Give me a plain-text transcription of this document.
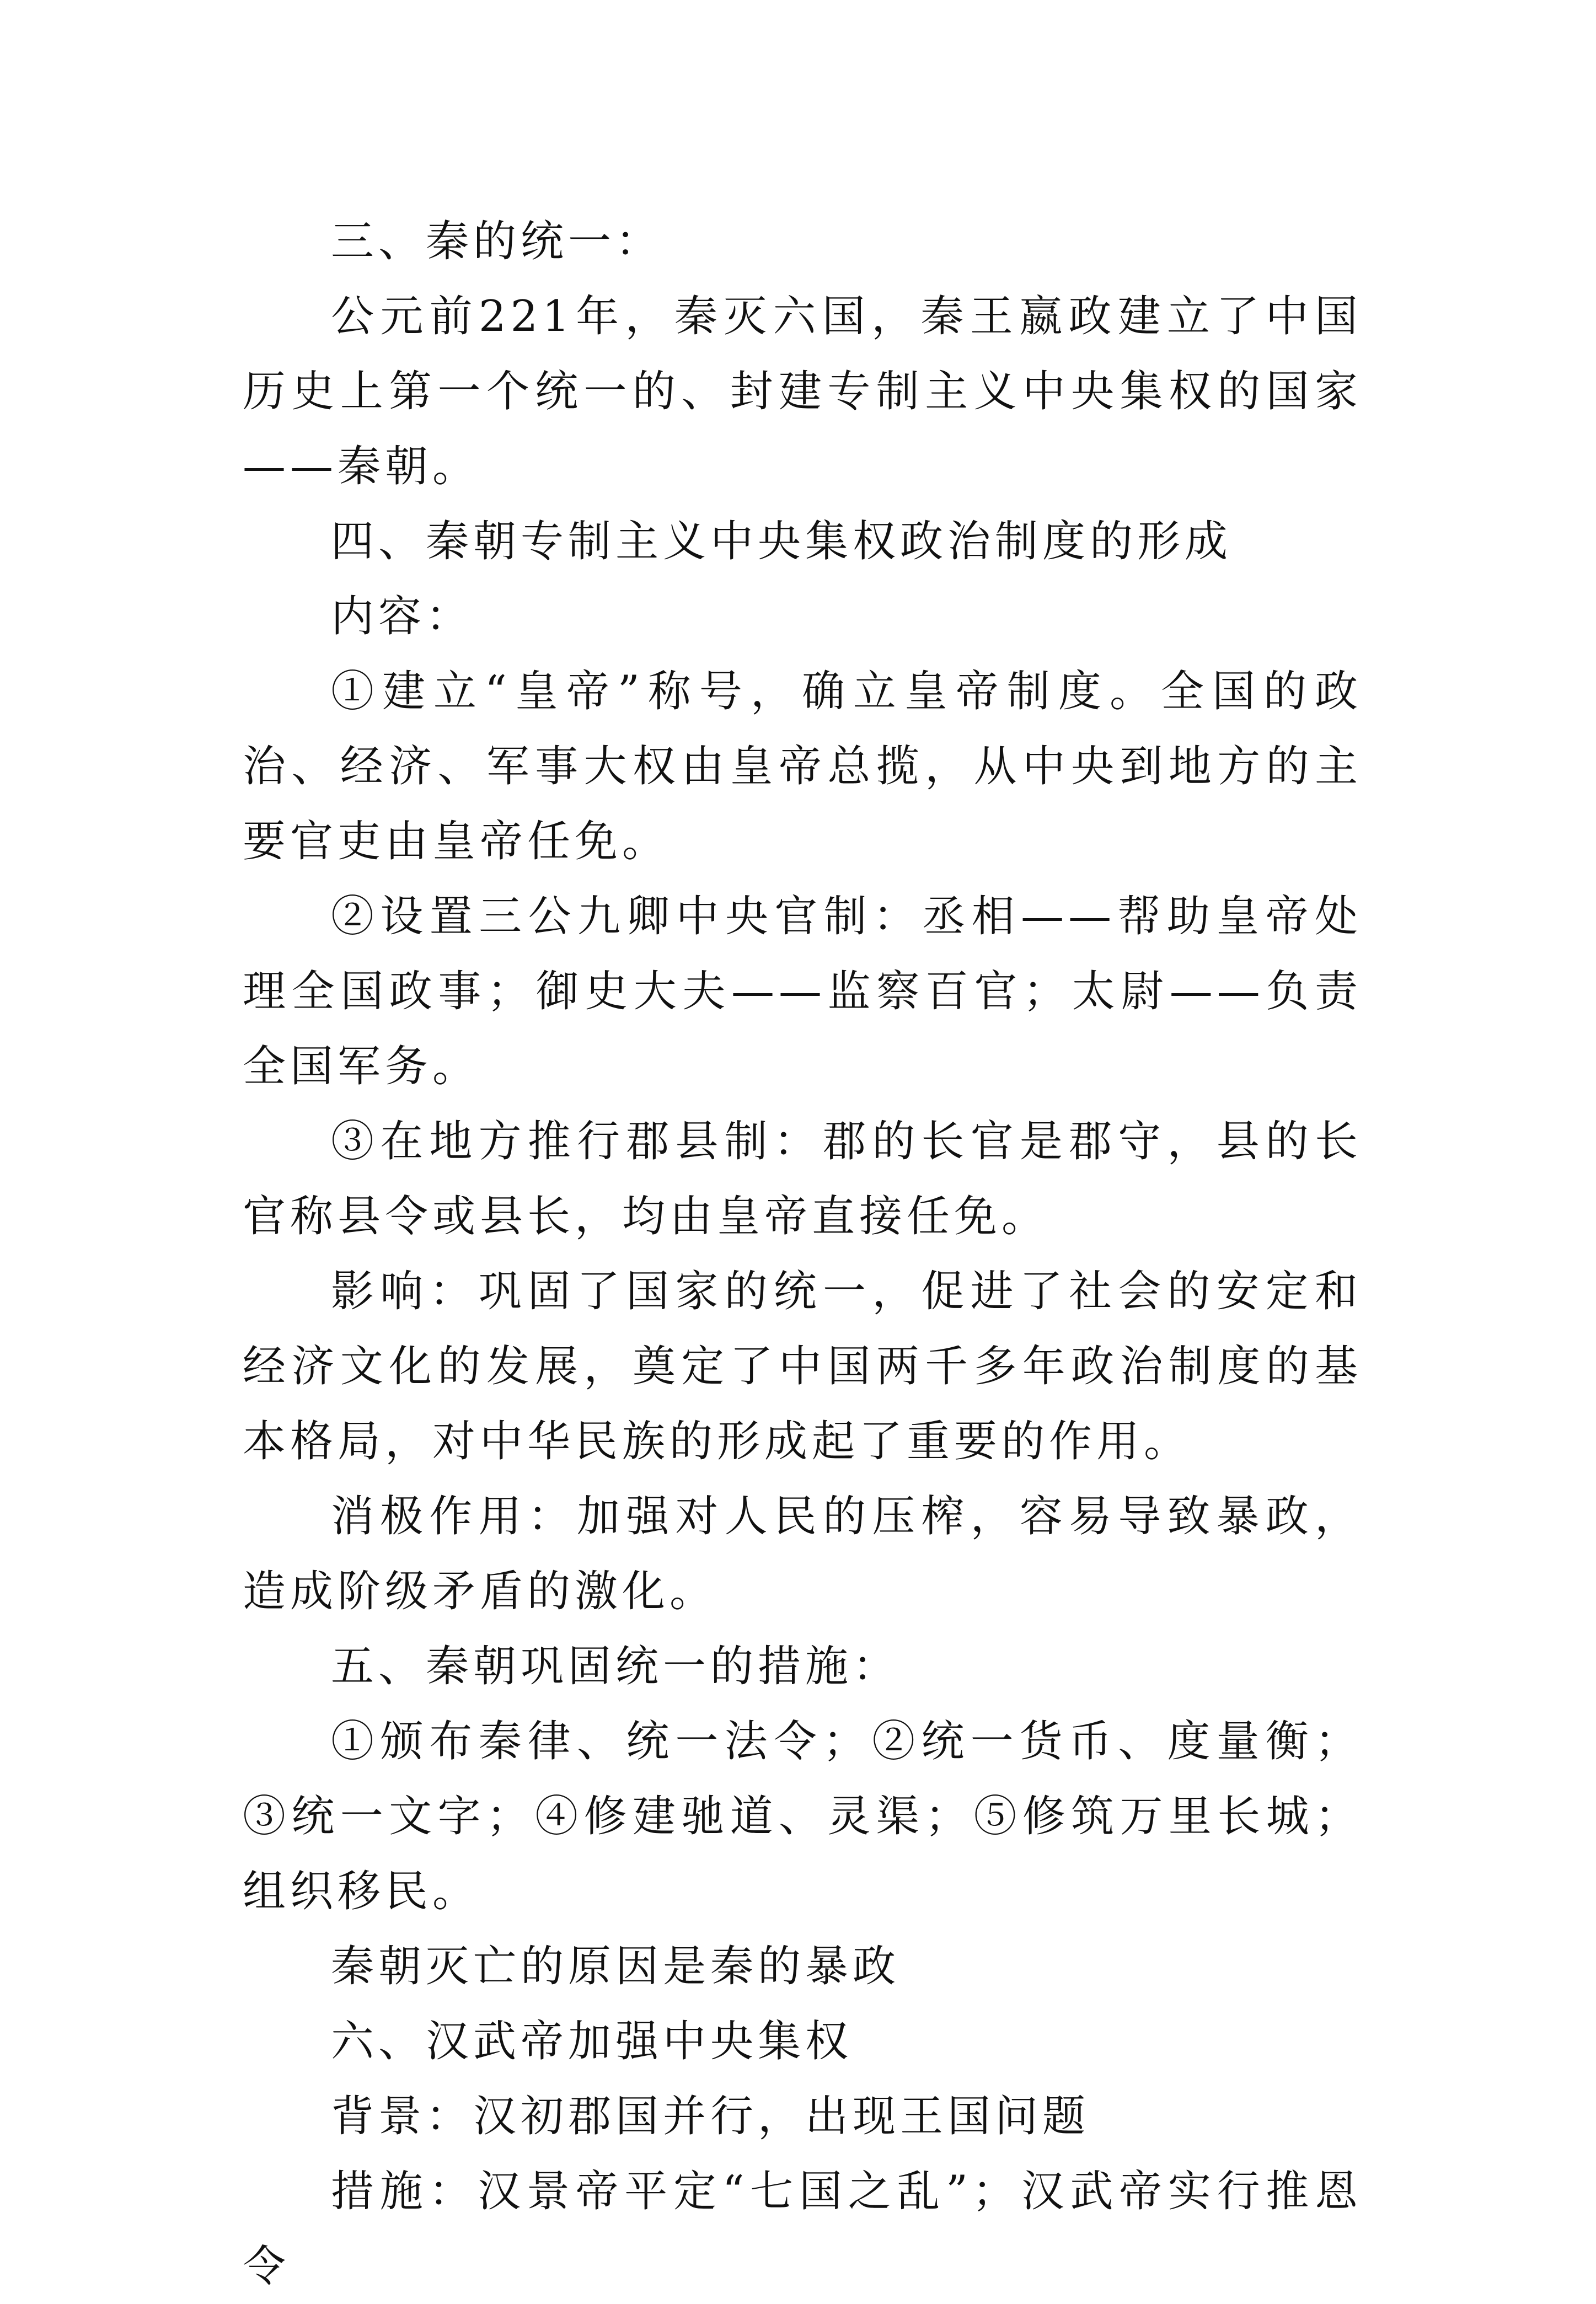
三、秦的统一：

公元前221年，秦灭六国，秦王嬴政建立了中国历史上第一个统一的、封建专制主义中央集权的国家——秦朝。

四、秦朝专制主义中央集权政治制度的形成

内容：

①建立“皇帝”称号，确立皇帝制度。全国的政治、经济、军事大权由皇帝总揽，从中央到地方的主要官吏由皇帝任免。

②设置三公九卿中央官制：丞相——帮助皇帝处理全国政事；御史大夫——监察百官；太尉——负责全国军务。

③在地方推行郡县制：郡的长官是郡守，县的长官称县令或县长，均由皇帝直接任免。

影响：巩固了国家的统一，促进了社会的安定和经济文化的发展，奠定了中国两千多年政治制度的基本格局，对中华民族的形成起了重要的作用。

消极作用：加强对人民的压榨，容易导致暴政，造成阶级矛盾的激化。

五、秦朝巩固统一的措施：

①颁布秦律、统一法令；②统一货币、度量衡；③统一文字；④修建驰道、灵渠；⑤修筑万里长城；组织移民。

秦朝灭亡的原因是秦的暴政

六、汉武帝加强中央集权

背景：汉初郡国并行，出现王国问题

措施：汉景帝平定“七国之乱”；汉武帝实行推恩令
